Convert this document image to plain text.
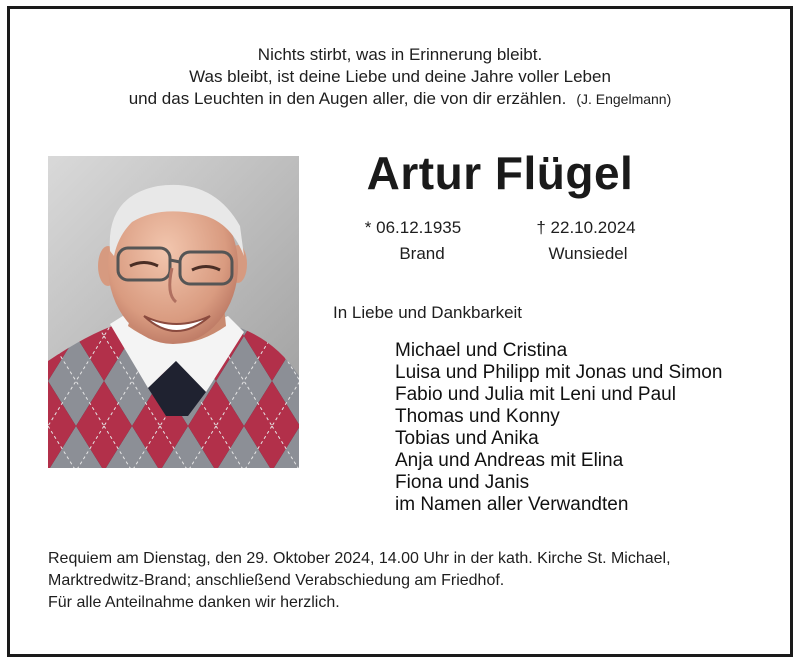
Nichts stirbt, was in Erinnerung bleibt.
Was bleibt, ist deine Liebe und deine Jahre voller Leben
und das Leuchten in den Augen aller, die von dir erzählen. (J. Engelmann)
Artur Flügel
* 06.12.1935
Brand
† 22.10.2024
Wunsiedel
In Liebe und Dankbarkeit
Michael und Cristina
Luisa und Philipp mit Jonas und Simon
Fabio und Julia mit Leni und Paul
Thomas und Konny
Tobias und Anika
Anja und Andreas mit Elina
Fiona und Janis
im Namen aller Verwandten
Requiem am Dienstag, den 29. Oktober 2024, 14.00 Uhr in der kath. Kirche St. Michael,
Marktredwitz-Brand; anschließend Verabschiedung am Friedhof.
Für alle Anteilnahme danken wir herzlich.
